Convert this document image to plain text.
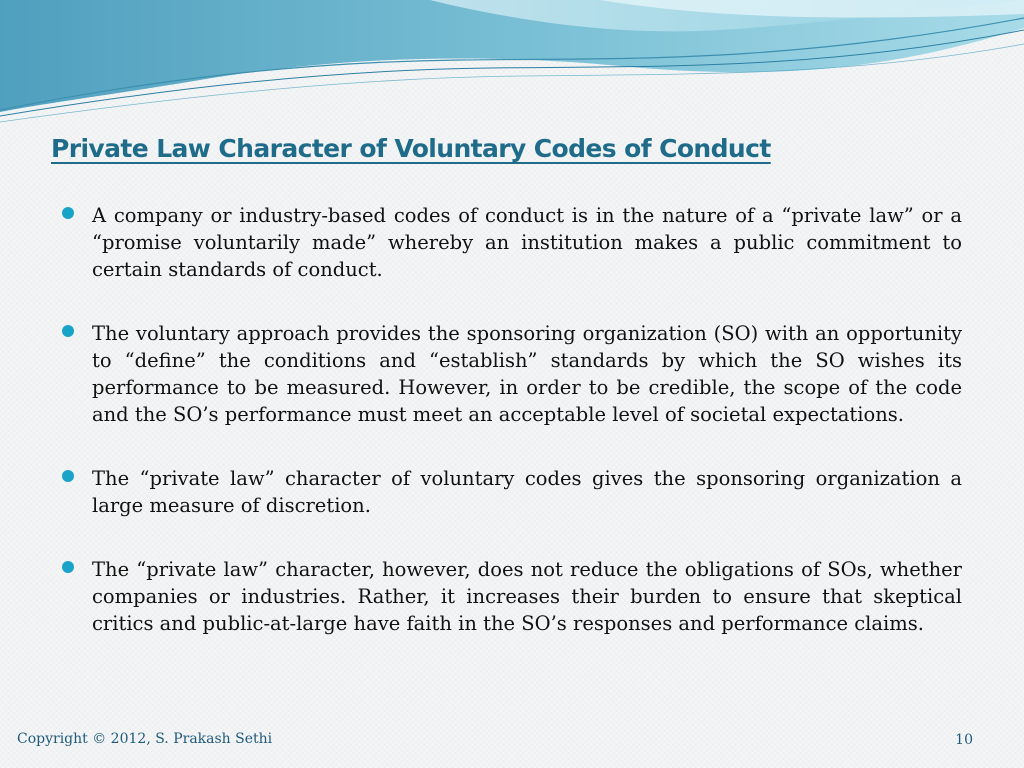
Private Law Character of Voluntary Codes of Conduct
A company or industry-based codes of conduct is in the nature of a “private law” or a “promise voluntarily made” whereby an institution makes a public commitment to certain standards of conduct.
The voluntary approach provides the sponsoring organization (SO) with an opportunity to “define” the conditions and “establish” standards by which the SO wishes its performance to be measured. However, in order to be credible, the scope of the code and the SO’s performance must meet an acceptable level of societal expectations.
The “private law” character of voluntary codes gives the sponsoring organization a large measure of discretion.
The “private law” character, however, does not reduce the obligations of SOs, whether companies or industries. Rather, it increases their burden to ensure that skeptical critics and public-at-large have faith in the SO’s responses and performance claims.
Copyright © 2012, S. Prakash Sethi	10
